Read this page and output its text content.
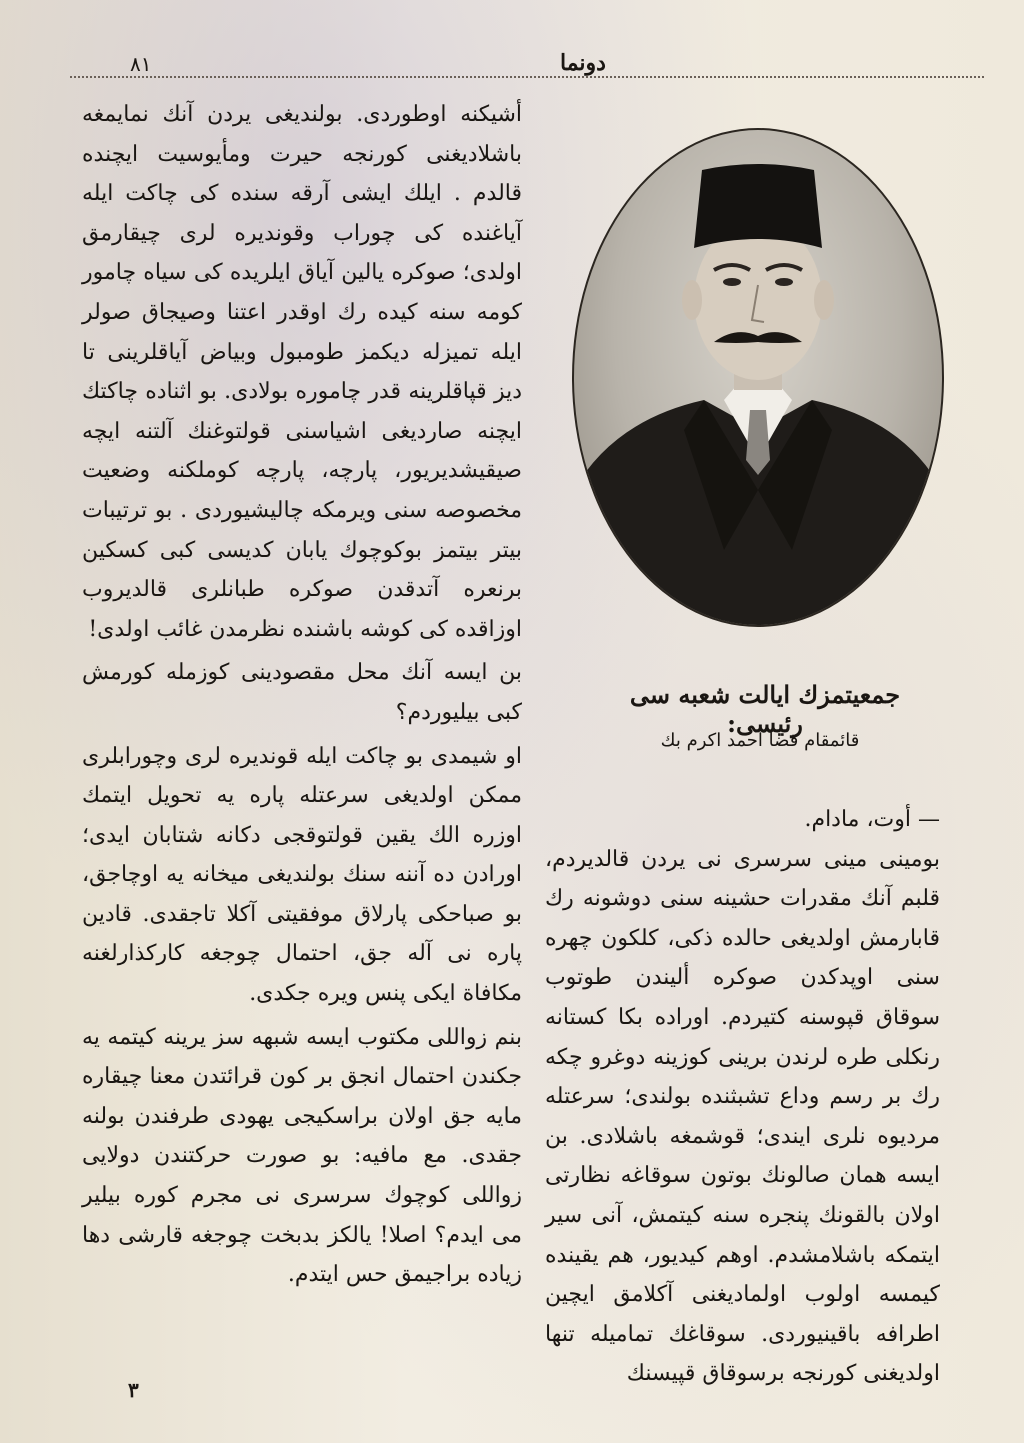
٨١	دونما

أشيكنه اوطوردى. بولنديغى يردن آنك نمايمغه باشلاديغنى كورنجه حيرت ومأيوسيت ايچنده قالدم . ايلك ايشى آرقه سنده كى چاكت ايله آياغنده كى چوراب وقونديره لرى چيقارمق اولدى؛ صوكره يالين آياق ايلريده كى سياه چامور كومه سنه كيده رك اوقدر اعتنا وصيجاق صولر ايله تميزله ديكمز طومبول وبياض آياقلرينى تا ديز قپاقلرينه قدر چاموره بولادى. بو اثناده چاكتك ايچنه صارديغى اشياسنى قولتوغنك آلتنه ايچه صيقيشديريور، پارچه، پارچه كوملكنه وضعيت مخصوصه سنى ويرمكه چاليشيوردى . بو ترتيبات بيتر بيتمز بوكوچوك يابان كديسى كبى كسكين برنعره آتدقدن صوكره طبانلرى قالديروب اوزاقده كى كوشه باشنده نظرمدن غائب اولدى!

بن ايسه آنك محل مقصودينى كوزمله كورمش كبى بيليوردم؟

او شيمدى بو چاكت ايله قونديره لرى وچورابلرى ممكن اولديغى سرعتله پاره يه تحويل ايتمك اوزره الك يقين قولتوقجى دكانه شتابان ايدى؛ اورادن ده آننه سنك بولنديغى ميخانه يه اوچاجق، بو صباحكى پارلاق موفقيتى آكلا تاجقدى. قادين پاره نى آله جق، احتمال چوجغه كاركذارلغنه مكافاة ايكى پنس ويره جكدى.

بنم زواللى مكتوب ايسه شبهه سز يرينه كيتمه يه جكندن احتمال انجق بر كون قرائتدن معنا چيقاره مايه جق اولان براسكيجى يهودى طرفندن بولنه جقدى. مع مافيه: بو صورت حركتندن دولايى زواللى كوچوك سرسرى نى مجرم كوره بيلير مى ايدم؟ اصلا! يالكز بدبخت چوجغه قارشى دها زياده براجيمق حس ايتدم.

جمعيتمزك ايالت شعبه سى رئيسى:
قائمقام قضا احمد اكرم بك

— أوت، مادام.

بومينى مينى سرسرى نى يردن قالديردم، قلبم آنك مقدرات حشينه سنى دوشونه رك قابارمش اولديغى حالده ذكى، كلكون چهره سنى اوپدكدن صوكره أليندن طوتوب سوقاق قپوسنه كتيردم. اوراده بكا كستانه رنكلى طره لرندن برينى كوزينه دوغرو چكه رك بر رسم وداع تشبثنده بولندى؛ سرعتله مرديوه نلرى ايندى؛ قوشمغه باشلادى. بن ايسه همان صالونك بوتون سوقاغه نظارتى اولان بالقونك پنجره سنه كيتمش، آنى سير ايتمكه باشلامشدم. اوهم كيديور، هم يقينده كيمسه اولوب اولماديغنى آكلامق ايچين اطرافه باقينيوردى. سوقاغك تماميله تنها اولديغنى كورنجه برسوقاق قپيسنك

٣
